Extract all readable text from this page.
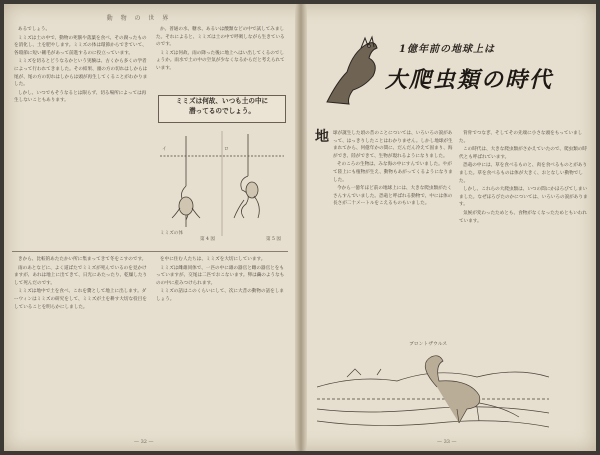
動 物 の 世 界

あるでしょう。

ミミズは土の中で、動物の死骸や落葉を食べ、その腐ったものを消化し、土を肥やします。ミミズの体は環節からできていて、各環節に短い剛毛があって前進するのに役立っています。

ミミズを切るとどうなるかという実験は、古くから多くの学者によって行われてきました。その結果、頭の方の切れはしからは尾が、尾の方の切れはしからは頭が再生してくることがわかりました。

しかし、いつでもそうなるとは限らず、切る場所によっては再生しないこともあります。

か。普通の水、糖水、あるいは酸類などの中で試してみました。それによると、ミミズは土の中で呼吸しながら生きているのです。

ミミズは何故、雨の降った後に地上へはい出してくるのでしょうか。雨水で土の中の空気が少なくなるからだと考えられています。

ミミズは何故、いつも土の中に
潜ってるのでしょう。
イ	ロ
ミミズの体
第 4 図	第 5 図

きから、比較的あたたかい所に集まってきて冬をこすのです。

雨のあとなどに、よく道ばたでミミズが死んでいるのを見かけますが、あれは地上に出てきて、日光にあたったり、乾燥したりして死んだのです。

ミミズは地中で土を食べ、これを糞として地上に出します。ダーウィンはミミズの研究をして、ミミズが土を耕す大切な役目をしていることを明らかにしました。

を中に住む人たちは、ミミズを大切にしています。

ミミズは雌雄同体で、一匹の中に雄の器官と雌の器官とをもっていますが、交尾は二匹でおこないます。卵は繭のようなものの中に産みつけられます。

ミミズの話はこのくらいにして、次に大昔の動物の話をしましょう。

— 32 —
1億年前の地球上は
大爬虫類の時代
地 球が誕生した頃の昔のことについては、いろいろの説があって、はっきりしたことはわかりません。しかし地球が生まれてから、何億年かの間に、だんだん冷えて固まり、海ができ、陸ができて、生物が現れるようになりました。

そのころの生物は、みな海の中にすんでいました。やがて陸上にも植物が生え、動物もあがってくるようになりました。

今から一億年ほど前の地球上には、大きな爬虫類がたくさんすんでいました。恐竜と呼ばれる動物で、中には体の長さが二十メートルをこえるものもいました。

背骨でつなぎ、そしてその先端に小さな頭をもっていました。

この時代は、大きな爬虫類がさかえていたので、爬虫類の時代とも呼ばれています。

恐竜の中には、草を食べるものと、肉を食べるものとがありました。草を食べるものは体が大きく、おとなしい動物でした。

しかし、これらの大爬虫類は、いつの間にかほろびてしまいました。なぜほろびたのかについては、いろいろの説があります。

気候が変わったためとも、食物がなくなったためともいわれています。

ブロントザウルス
— 33 —
